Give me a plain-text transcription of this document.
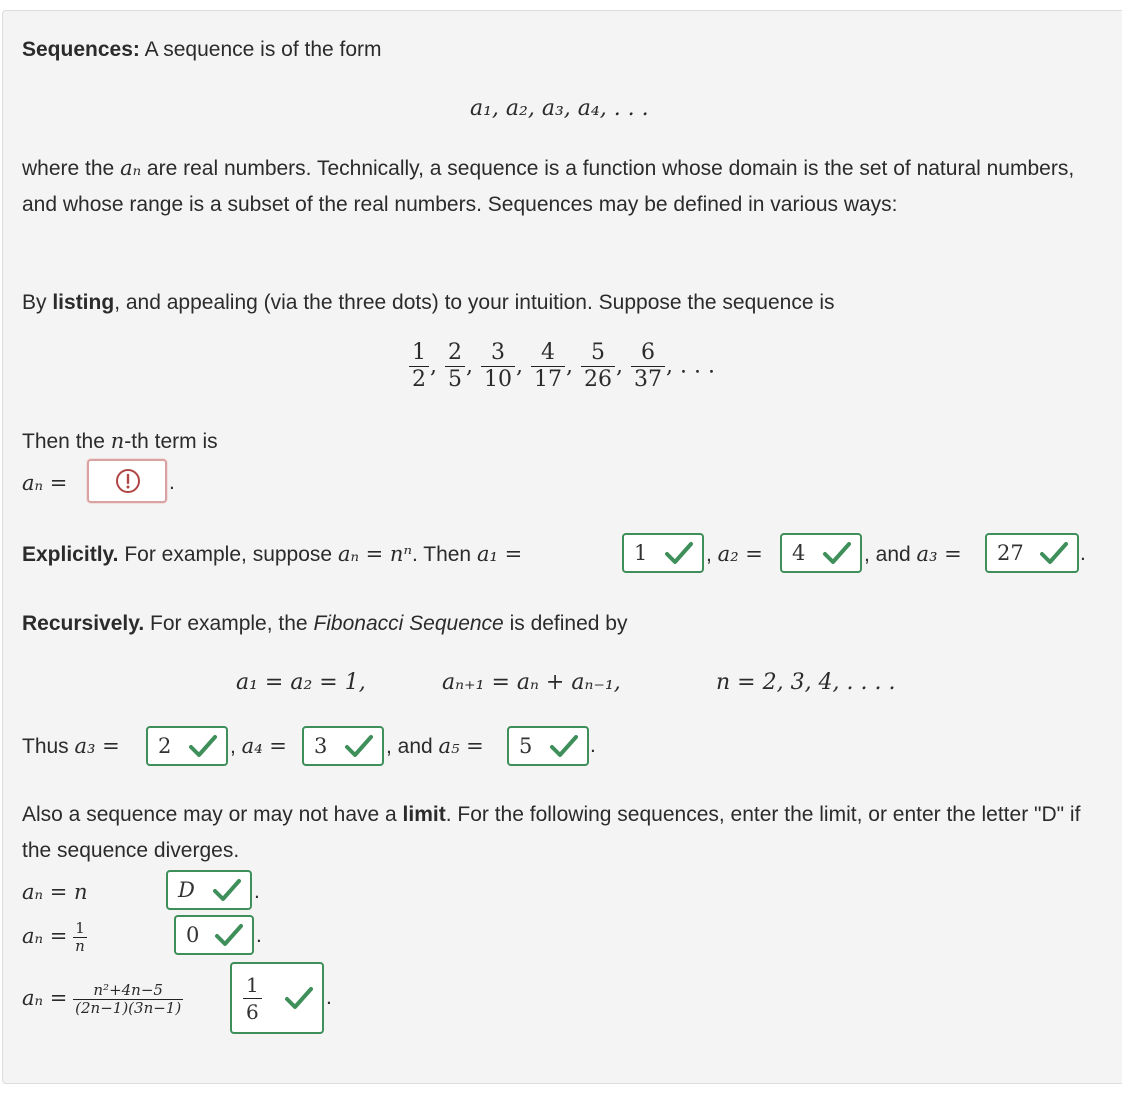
Sequences: A sequence is of the form
a₁, a₂, a₃, a₄, . . .
where the aₙ are real numbers. Technically, a sequence is a function whose domain is the set of natural numbers, and whose range is a subset of the real numbers. Sequences may be defined in various ways:
By listing, and appealing (via the three dots) to your intuition. Suppose the sequence is
$\frac{1}{2}$ , $\frac{2}{5}$ , $\frac{3}{10}$ , $\frac{4}{17}$ , $\frac{5}{26}$ , $\frac{6}{37}$ , . . .
Then the n-th term is
aₙ =	.
Explicitly. For example, suppose aₙ = nⁿ. Then a₁ =	1	, a₂ = 4	, and a₃ = 27	.
Recursively. For example, the Fibonacci Sequence is defined by
a₁ = a₂ = 1,	aₙ₊₁ = aₙ + aₙ₋₁,	n = 2, 3, 4, . . . .
Thus a₃ = 2	, a₄ = 3	, and a₅ = 5	.
Also a sequence may or may not have a limit. For the following sequences, enter the limit, or enter the letter "D" if the sequence diverges.
aₙ = n	D	.
$a_n = \frac{1}{n}$	0	.
$a_n = \frac{\text{n²+4n−5}}{(2n-1)(3n-1)}$	$\frac{1}{6}$	.
